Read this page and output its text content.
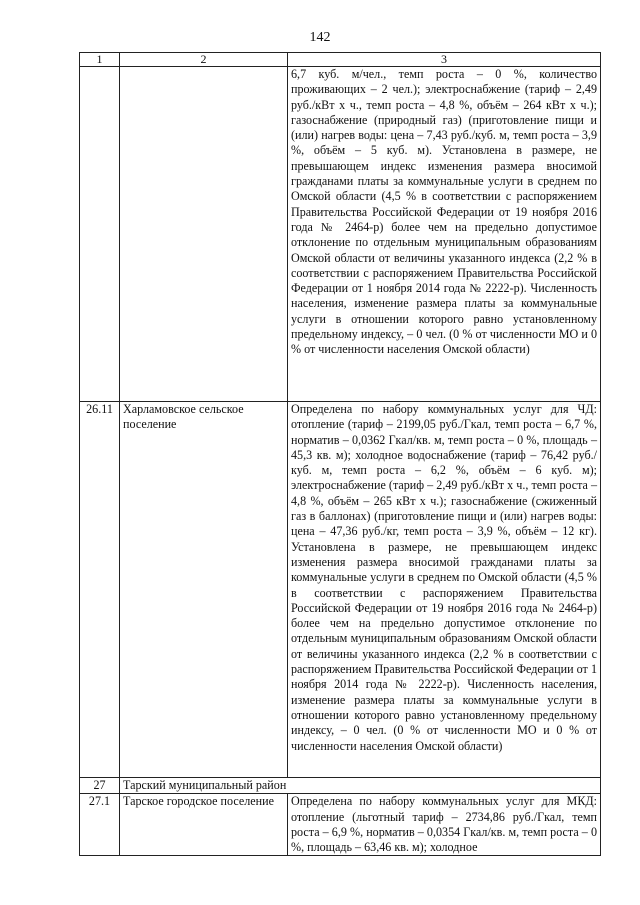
142
1	2	3
		6,7 куб. м/чел., темп роста – 0 %, количество проживающих – 2 чел.); электроснабжение (тариф – 2,49 руб./кВт х ч., темп роста – 4,8 %, объём – 264 кВт х ч.); газоснабжение (природный газ) (приготовление пищи и (или) нагрев воды: цена – 7,43 руб./куб. м, темп роста – 3,9 %, объём – 5 куб. м). Установлена в размере, не превышающем индекс изменения размера вносимой гражданами платы за коммунальные услуги в среднем по Омской области (4,5 % в соответствии с распоряжением Правительства Российской Федерации от 19 ноября 2016 года № 2464-р) более чем на предельно допустимое отклонение по отдельным муниципальным образованиям Омской области от величины указанного индекса (2,2 % в соответствии с распоряжением Правительства Российской Федерации от 1 ноября 2014 года № 2222-р). Численность населения, изменение размера платы за коммунальные услуги в отношении которого равно установленному предельному индексу, – 0 чел. (0 % от численности МО и 0 % от численности населения Омской области)
26.11	Харламовское сельское поселение	Определена по набору коммунальных услуг для ЧД: отопление (тариф – 2199,05 руб./Гкал, темп роста – 6,7 %, норматив – 0,0362 Гкал/кв. м, темп роста – 0 %, площадь – 45,3 кв. м); холодное водоснабжение (тариф – 76,42 руб./куб. м, темп роста – 6,2 %, объём – 6 куб. м); электроснабжение (тариф – 2,49 руб./кВт х ч., темп роста – 4,8 %, объём – 265 кВт х ч.); газоснабжение (сжиженный газ в баллонах) (приготовление пищи и (или) нагрев воды: цена – 47,36 руб./кг, темп роста – 3,9 %, объём – 12 кг). Установлена в размере, не превышающем индекс изменения размера вносимой гражданами платы за коммунальные услуги в среднем по Омской области (4,5 % в соответствии с распоряжением Правительства Российской Федерации от 19 ноября 2016 года № 2464-р) более чем на предельно допустимое отклонение по отдельным муниципальным образованиям Омской области от величины указанного индекса (2,2 % в соответствии с распоряжением Правительства Российской Федерации от 1 ноября 2014 года № 2222-р). Численность населения, изменение размера платы за коммунальные услуги в отношении которого равно установленному предельному индексу, – 0 чел. (0 % от численности МО и 0 % от численности населения Омской области)
27	Тарский муниципальный район	
27.1	Тарское городское поселение	Определена по набору коммунальных услуг для МКД: отопление (льготный тариф – 2734,86 руб./Гкал, темп роста – 6,9 %, норматив – 0,0354 Гкал/кв. м, темп роста – 0 %, площадь – 63,46 кв. м); холодное
